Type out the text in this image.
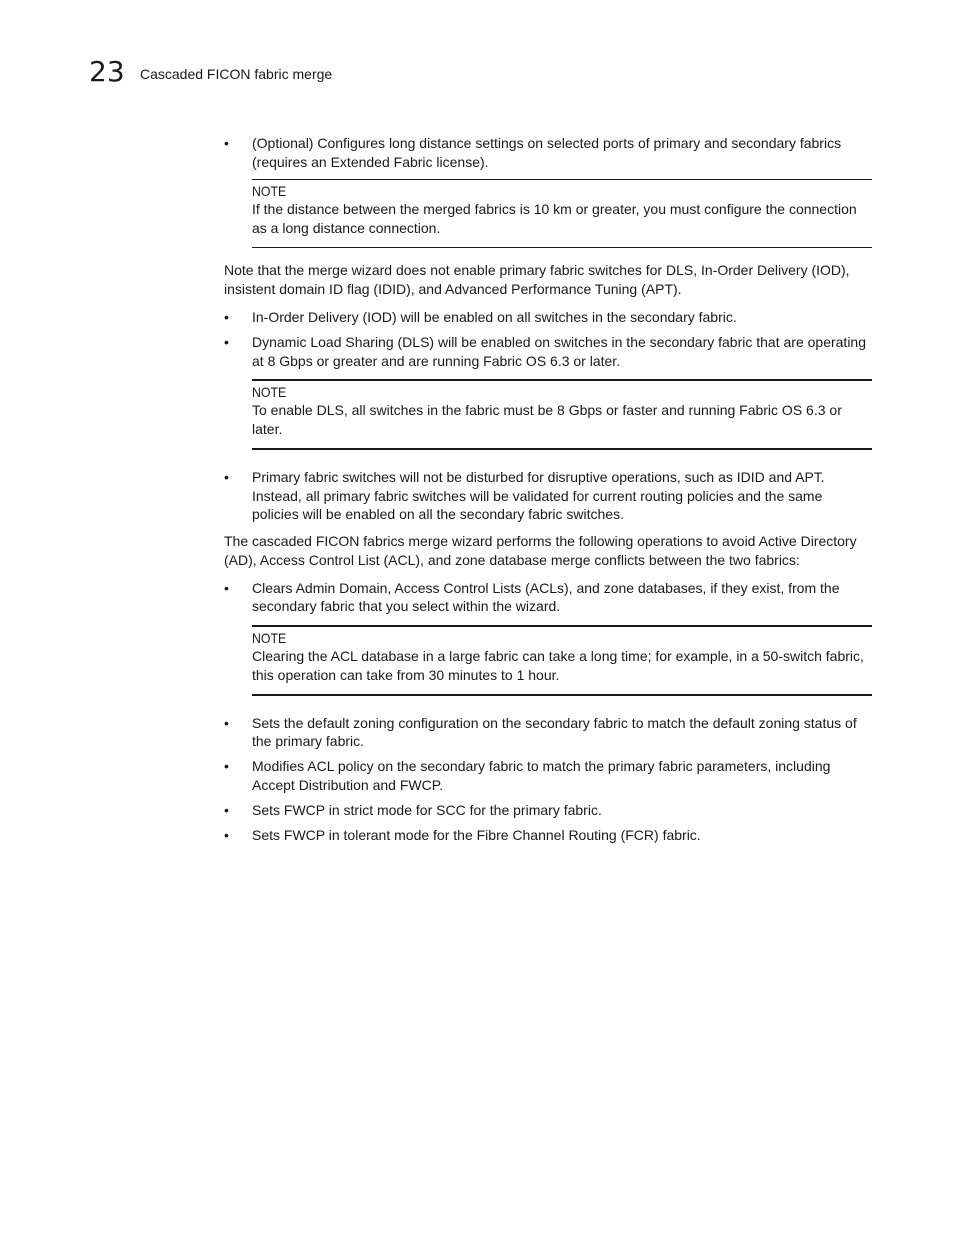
23 Cascaded FICON fabric merge
•	(Optional) Configures long distance settings on selected ports of primary and secondary fabrics (requires an Extended Fabric license).
NOTE
If the distance between the merged fabrics is 10 km or greater, you must configure the connection as a long distance connection.

Note that the merge wizard does not enable primary fabric switches for DLS, In-Order Delivery (IOD), insistent domain ID flag (IDID), and Advanced Performance Tuning (APT).

•	In-Order Delivery (IOD) will be enabled on all switches in the secondary fabric.
•	Dynamic Load Sharing (DLS) will be enabled on switches in the secondary fabric that are operating at 8 Gbps or greater and are running Fabric OS 6.3 or later.
NOTE
To enable DLS, all switches in the fabric must be 8 Gbps or faster and running Fabric OS 6.3 or later.
•	Primary fabric switches will not be disturbed for disruptive operations, such as IDID and APT. Instead, all primary fabric switches will be validated for current routing policies and the same policies will be enabled on all the secondary fabric switches.

The cascaded FICON fabrics merge wizard performs the following operations to avoid Active Directory (AD), Access Control List (ACL), and zone database merge conflicts between the two fabrics:

•	Clears Admin Domain, Access Control Lists (ACLs), and zone databases, if they exist, from the secondary fabric that you select within the wizard.
NOTE
Clearing the ACL database in a large fabric can take a long time; for example, in a 50-switch fabric, this operation can take from 30 minutes to 1 hour.
•	Sets the default zoning configuration on the secondary fabric to match the default zoning status of the primary fabric.
•	Modifies ACL policy on the secondary fabric to match the primary fabric parameters, including Accept Distribution and FWCP.
•	Sets FWCP in strict mode for SCC for the primary fabric.
•	Sets FWCP in tolerant mode for the Fibre Channel Routing (FCR) fabric.
